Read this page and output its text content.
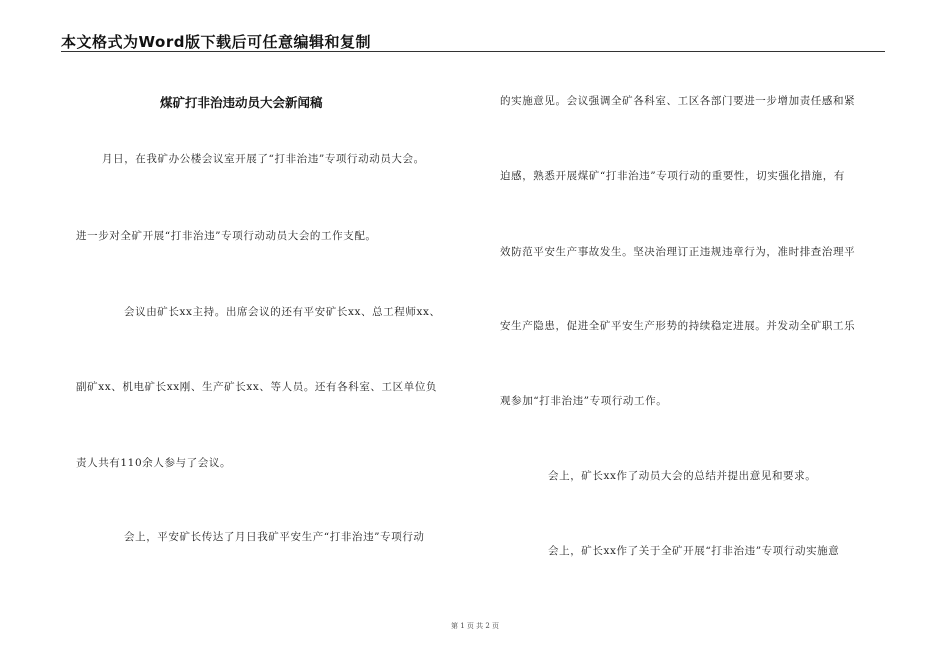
本文格式为Word版下载后可任意编辑和复制
煤矿打非治违动员大会新闻稿
月日，在我矿办公楼会议室开展了“打非治违”专项行动动员大会。
进一步对全矿开展“打非治违”专项行动动员大会的工作支配。
会议由矿长xx主持。出席会议的还有平安矿长xx、总工程师xx、
副矿xx、机电矿长xx刚、生产矿长xx、等人员。还有各科室、工区单位负
责人共有110余人参与了会议。
会上，平安矿长传达了月日我矿平安生产“打非治违”专项行动
的实施意见。会议强调全矿各科室、工区各部门要进一步增加责任感和紧
迫感，熟悉开展煤矿“打非治违”专项行动的重要性，切实强化措施，有
效防范平安生产事故发生。坚决治理订正违规违章行为，准时排查治理平
安生产隐患，促进全矿平安生产形势的持续稳定进展。并发动全矿职工乐
观参加“打非治违”专项行动工作。
会上，矿长xx作了动员大会的总结并提出意见和要求。
会上，矿长xx作了关于全矿开展“打非治违”专项行动实施意
第 1 页 共 2 页
